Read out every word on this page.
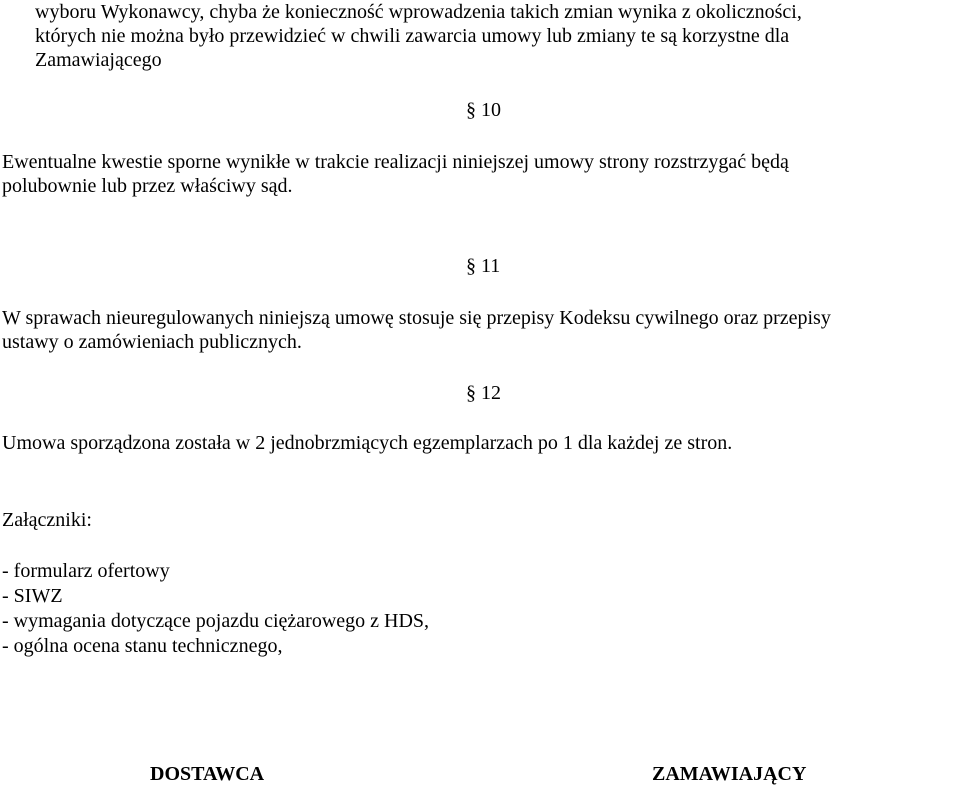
wyboru Wykonawcy, chyba że konieczność wprowadzenia takich zmian wynika z okoliczności,
których nie można było przewidzieć w chwili zawarcia umowy lub zmiany te są korzystne dla
Zamawiającego
§ 10
Ewentualne kwestie sporne wynikłe w trakcie realizacji niniejszej umowy strony rozstrzygać będą
polubownie lub przez właściwy sąd.
§ 11
W sprawach nieuregulowanych niniejszą umowę stosuje się przepisy Kodeksu cywilnego oraz przepisy
ustawy o zamówieniach publicznych.
§ 12
Umowa sporządzona została w 2 jednobrzmiących egzemplarzach po 1 dla każdej ze stron.
Załączniki:
- formularz ofertowy
- SIWZ
- wymagania dotyczące pojazdu ciężarowego z HDS,
- ogólna ocena stanu technicznego,
DOSTAWCA	ZAMAWIAJĄCY
